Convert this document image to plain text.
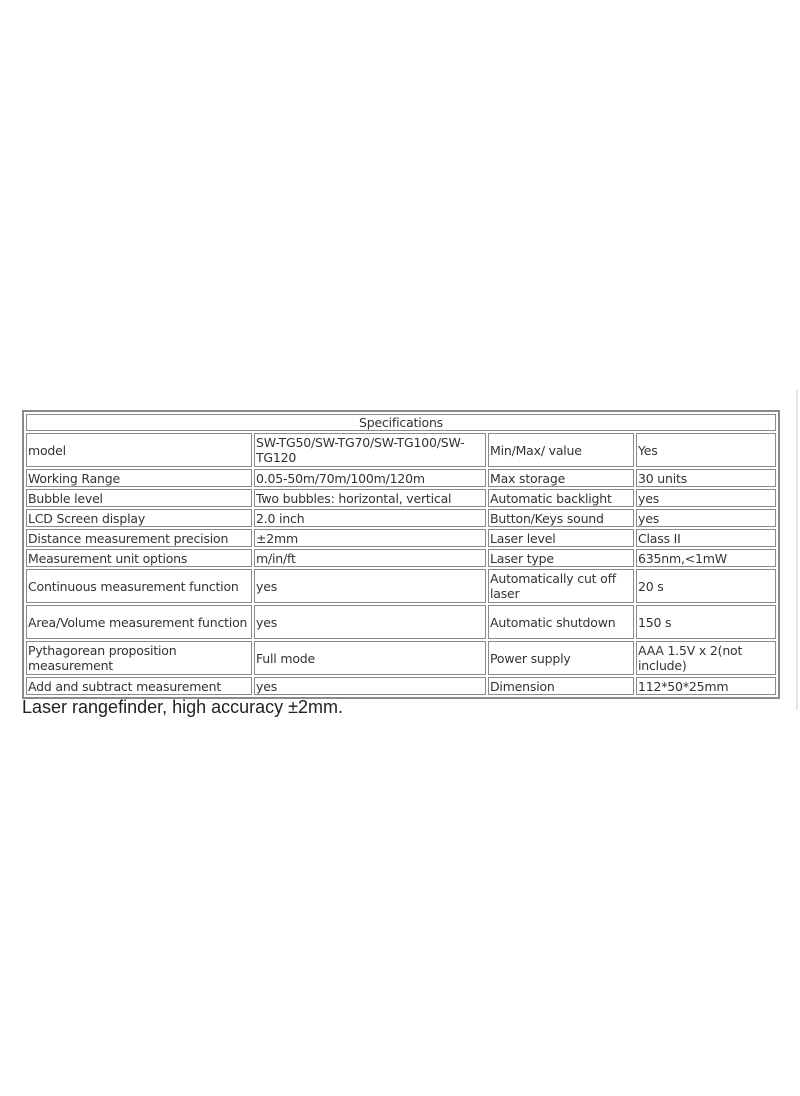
Specifications			
model	SW-TG50/SW-TG70/SW-TG100/SW-TG120	Min/Max/ value	Yes
Working Range	0.05-50m/70m/100m/120m	Max storage	30 units
Bubble level	Two bubbles: horizontal, vertical	Automatic backlight	yes
LCD Screen display	2.0 inch	Button/Keys sound	yes
Distance measurement precision	±2mm	Laser level	Class II
Measurement unit options	m/in/ft	Laser type	635nm,<1mW
Continuous measurement function	yes	Automatically cut off laser	20 s
Area/Volume measurement function	yes	Automatic shutdown	150 s
Pythagorean proposition measurement	Full mode	Power supply	AAA 1.5V x 2(not include)
Add and subtract measurement	yes	Dimension	112*50*25mm
Laser rangefinder, high accuracy ±2mm.
